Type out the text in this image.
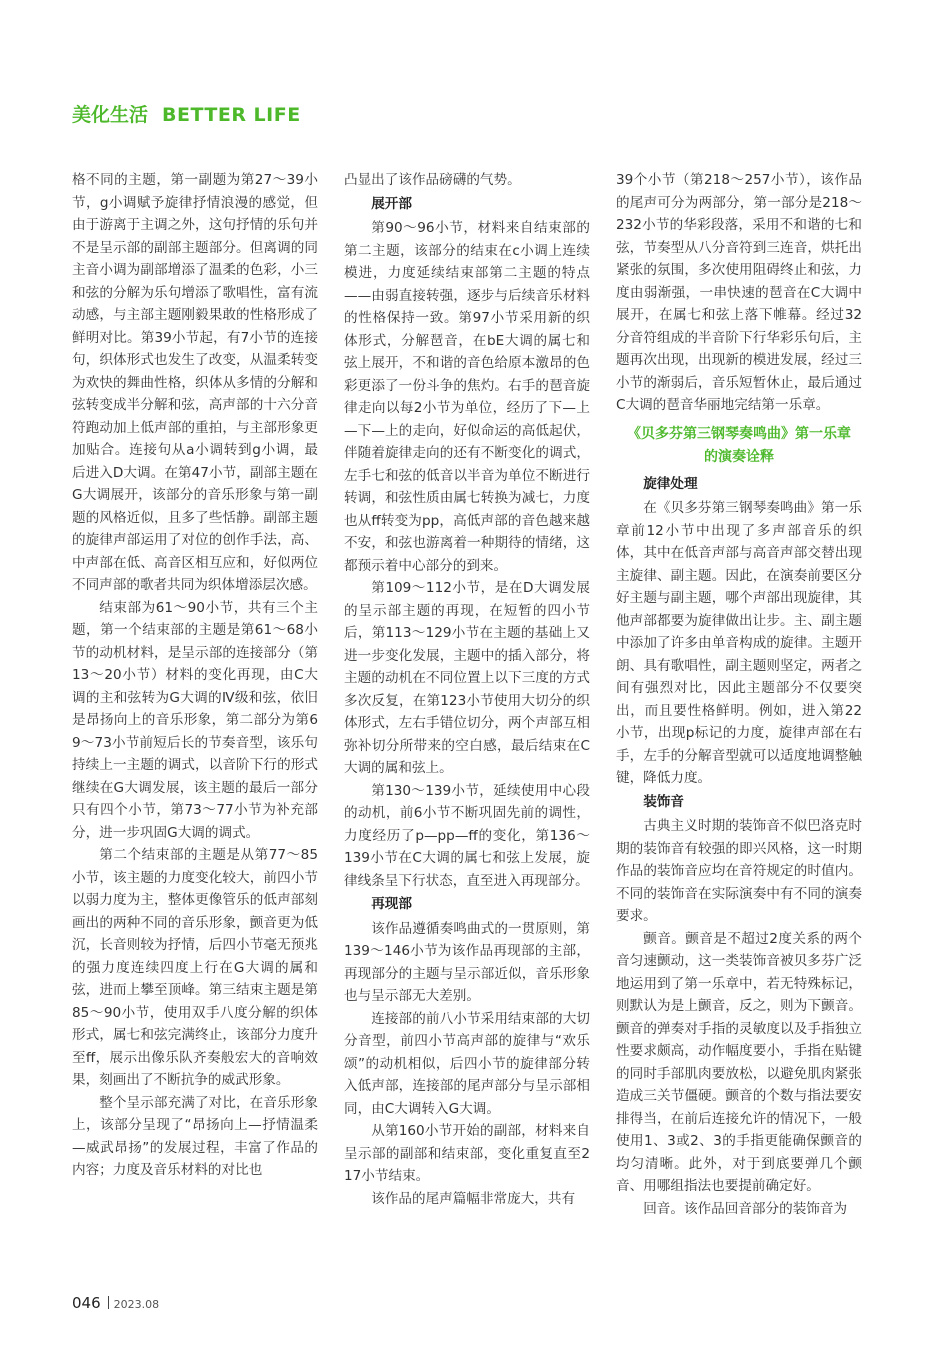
美化生活 BETTER LIFE

格不同的主题，第一副题为第27～39小节，g小调赋予旋律抒情浪漫的感觉，但由于游离于主调之外，这句抒情的乐句并不是呈示部的副部主题部分。但离调的同主音小调为副部增添了温柔的色彩，小三和弦的分解为乐句增添了歌唱性，富有流动感，与主部主题刚毅果敢的性格形成了鲜明对比。第39小节起，有7小节的连接句，织体形式也发生了改变，从温柔转变为欢快的舞曲性格，织体从多情的分解和弦转变成半分解和弦，高声部的十六分音符跑动加上低声部的重拍，与主部形象更加贴合。连接句从a小调转到g小调，最后进入D大调。在第47小节，副部主题在G大调展开，该部分的音乐形象与第一副题的风格近似，且多了些恬静。副部主题的旋律声部运用了对位的创作手法，高、中声部在低、高音区相互应和，好似两位不同声部的歌者共同为织体增添层次感。

结束部为61～90小节，共有三个主题，第一个结束部的主题是第61～68小节的动机材料，是呈示部的连接部分（第13～20小节）材料的变化再现，由C大调的主和弦转为G大调的Ⅳ级和弦，依旧是昂扬向上的音乐形象，第二部分为第69～73小节前短后长的节奏音型，该乐句持续上一主题的调式，以音阶下行的形式继续在G大调发展，该主题的最后一部分只有四个小节，第73～77小节为补充部分，进一步巩固G大调的调式。

第二个结束部的主题是从第77～85小节，该主题的力度变化较大，前四小节以弱力度为主，整体更像管乐的低声部刻画出的两种不同的音乐形象，颤音更为低沉，长音则较为抒情，后四小节毫无预兆的强力度连续四度上行在G大调的属和弦，进而上攀至顶峰。第三结束主题是第85～90小节，使用双手八度分解的织体形式，属七和弦完满终止，该部分力度升至ff，展示出像乐队齐奏般宏大的音响效果，刻画出了不断抗争的威武形象。

整个呈示部充满了对比，在音乐形象上，该部分呈现了“昂扬向上—抒情温柔—威武昂扬”的发展过程，丰富了作品的内容；力度及音乐材料的对比也

凸显出了该作品磅礴的气势。

展开部

第90～96小节，材料来自结束部的第二主题，该部分的结束在c小调上连续模进，力度延续结束部第二主题的特点——由弱直接转强，逐步与后续音乐材料的性格保持一致。第97小节采用新的织体形式，分解琶音，在bE大调的属七和弦上展开，不和谐的音色给原本激昂的色彩更添了一份斗争的焦灼。右手的琶音旋律走向以每2小节为单位，经历了下—上—下—上的走向，好似命运的高低起伏，伴随着旋律走向的还有不断变化的调式，左手七和弦的低音以半音为单位不断进行转调，和弦性质由属七转换为减七，力度也从ff转变为pp，高低声部的音色越来越不安，和弦也游离着一种期待的情绪，这都预示着中心部分的到来。

第109～112小节，是在D大调发展的呈示部主题的再现，在短暂的四小节后，第113～129小节在主题的基础上又进一步变化发展，主题中的插入部分，将主题的动机在不同位置上以下三度的方式多次反复，在第123小节使用大切分的织体形式，左右手错位切分，两个声部互相弥补切分所带来的空白感，最后结束在C大调的属和弦上。

第130～139小节，延续使用中心段的动机，前6小节不断巩固先前的调性，力度经历了p—pp—ff的变化，第136～139小节在C大调的属七和弦上发展，旋律线条呈下行状态，直至进入再现部分。

再现部

该作品遵循奏鸣曲式的一贯原则，第139～146小节为该作品再现部的主部，再现部分的主题与呈示部近似，音乐形象也与呈示部无大差别。

连接部的前八小节采用结束部的大切分音型，前四小节高声部的旋律与“欢乐颂”的动机相似，后四小节的旋律部分转入低声部，连接部的尾声部分与呈示部相同，由C大调转入G大调。

从第160小节开始的副部，材料来自呈示部的副部和结束部，变化重复直至217小节结束。

该作品的尾声篇幅非常庞大，共有

39个小节（第218～257小节），该作品的尾声可分为两部分，第一部分是218～232小节的华彩段落，采用不和谐的七和弦，节奏型从八分音符到三连音，烘托出紧张的氛围，多次使用阻碍终止和弦，力度由弱渐强，一串快速的琶音在C大调中展开，在属七和弦上落下帷幕。经过32分音符组成的半音阶下行华彩乐句后，主题再次出现，出现新的模进发展，经过三小节的渐弱后，音乐短暂休止，最后通过C大调的琶音华丽地完结第一乐章。

《贝多芬第三钢琴奏鸣曲》第一乐章
的演奏诠释
旋律处理

在《贝多芬第三钢琴奏鸣曲》第一乐章前12小节中出现了多声部音乐的织体，其中在低音声部与高音声部交替出现主旋律、副主题。因此，在演奏前要区分好主题与副主题，哪个声部出现旋律，其他声部都要为旋律做出让步。主、副主题中添加了许多由单音构成的旋律。主题开朗、具有歌唱性，副主题则坚定，两者之间有强烈对比，因此主题部分不仅要突出，而且要性格鲜明。例如，进入第22小节，出现p标记的力度，旋律声部在右手，左手的分解音型就可以适度地调整触键，降低力度。

装饰音

古典主义时期的装饰音不似巴洛克时期的装饰音有较强的即兴风格，这一时期作品的装饰音应均在音符规定的时值内。不同的装饰音在实际演奏中有不同的演奏要求。

颤音。颤音是不超过2度关系的两个音匀速颤动，这一类装饰音被贝多芬广泛地运用到了第一乐章中，若无特殊标记，则默认为是上颤音，反之，则为下颤音。颤音的弹奏对手指的灵敏度以及手指独立性要求颇高，动作幅度要小，手指在贴键的同时手部肌肉要放松，以避免肌肉紧张造成三关节僵硬。颤音的个数与指法要安排得当，在前后连接允许的情况下，一般使用1、3或2、3的手指更能确保颤音的均匀清晰。此外，对于到底要弹几个颤音、用哪组指法也要提前确定好。

回音。该作品回音部分的装饰音为

046 2023.08
